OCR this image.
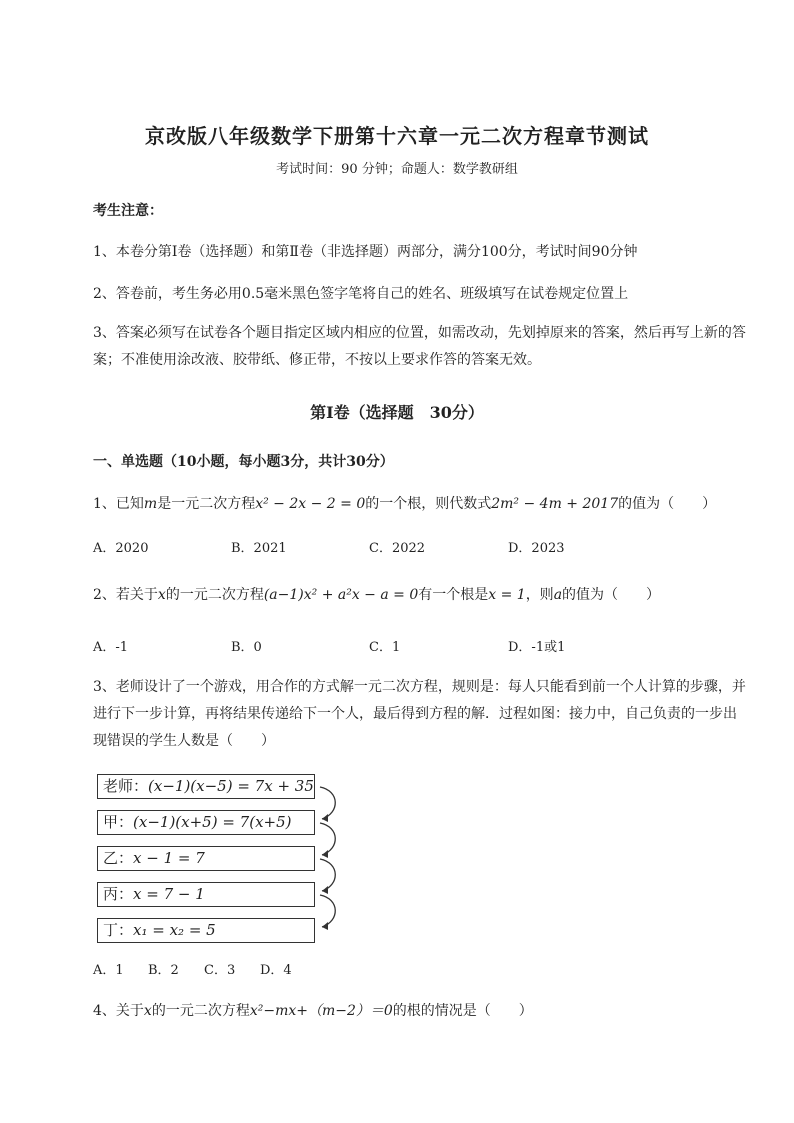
京改版八年级数学下册第十六章一元二次方程章节测试
考试时间：90 分钟；命题人：数学教研组
考生注意：
1、本卷分第Ⅰ卷（选择题）和第Ⅱ卷（非选择题）两部分，满分100分，考试时间90分钟
2、答卷前，考生务必用0.5毫米黑色签字笔将自己的姓名、班级填写在试卷规定位置上
3、答案必须写在试卷各个题目指定区域内相应的位置，如需改动，先划掉原来的答案，然后再写上新的答案；不准使用涂改液、胶带纸、修正带，不按以上要求作答的答案无效。
第Ⅰ卷（选择题　30分）
一、单选题（10小题，每小题3分，共计30分）
1、已知m是一元二次方程x² − 2x − 2 = 0的一个根，则代数式2m² − 4m + 2017的值为（　　）
A．2020	B．2021	C．2022	D．2023
2、若关于x的一元二次方程(a−1)x² + a²x − a = 0有一个根是x = 1，则a的值为（　　）
A．-1	B．0	C．1	D．-1或1
3、老师设计了一个游戏，用合作的方式解一元二次方程，规则是：每人只能看到前一个人计算的步骤，并进行下一步计算，再将结果传递给下一个人，最后得到方程的解．过程如图：接力中，自己负责的一步出现错误的学生人数是（　　）
老师：(x−1)(x−5) = 7x + 35
甲：(x−1)(x+5) = 7(x+5)
乙：x − 1 = 7
丙：x = 7 − 1
丁：x₁ = x₂ = 5
A．1 B．2 C．3 D．4
4、关于x的一元二次方程x²−mx+（m−2）＝0的根的情况是（　　）
